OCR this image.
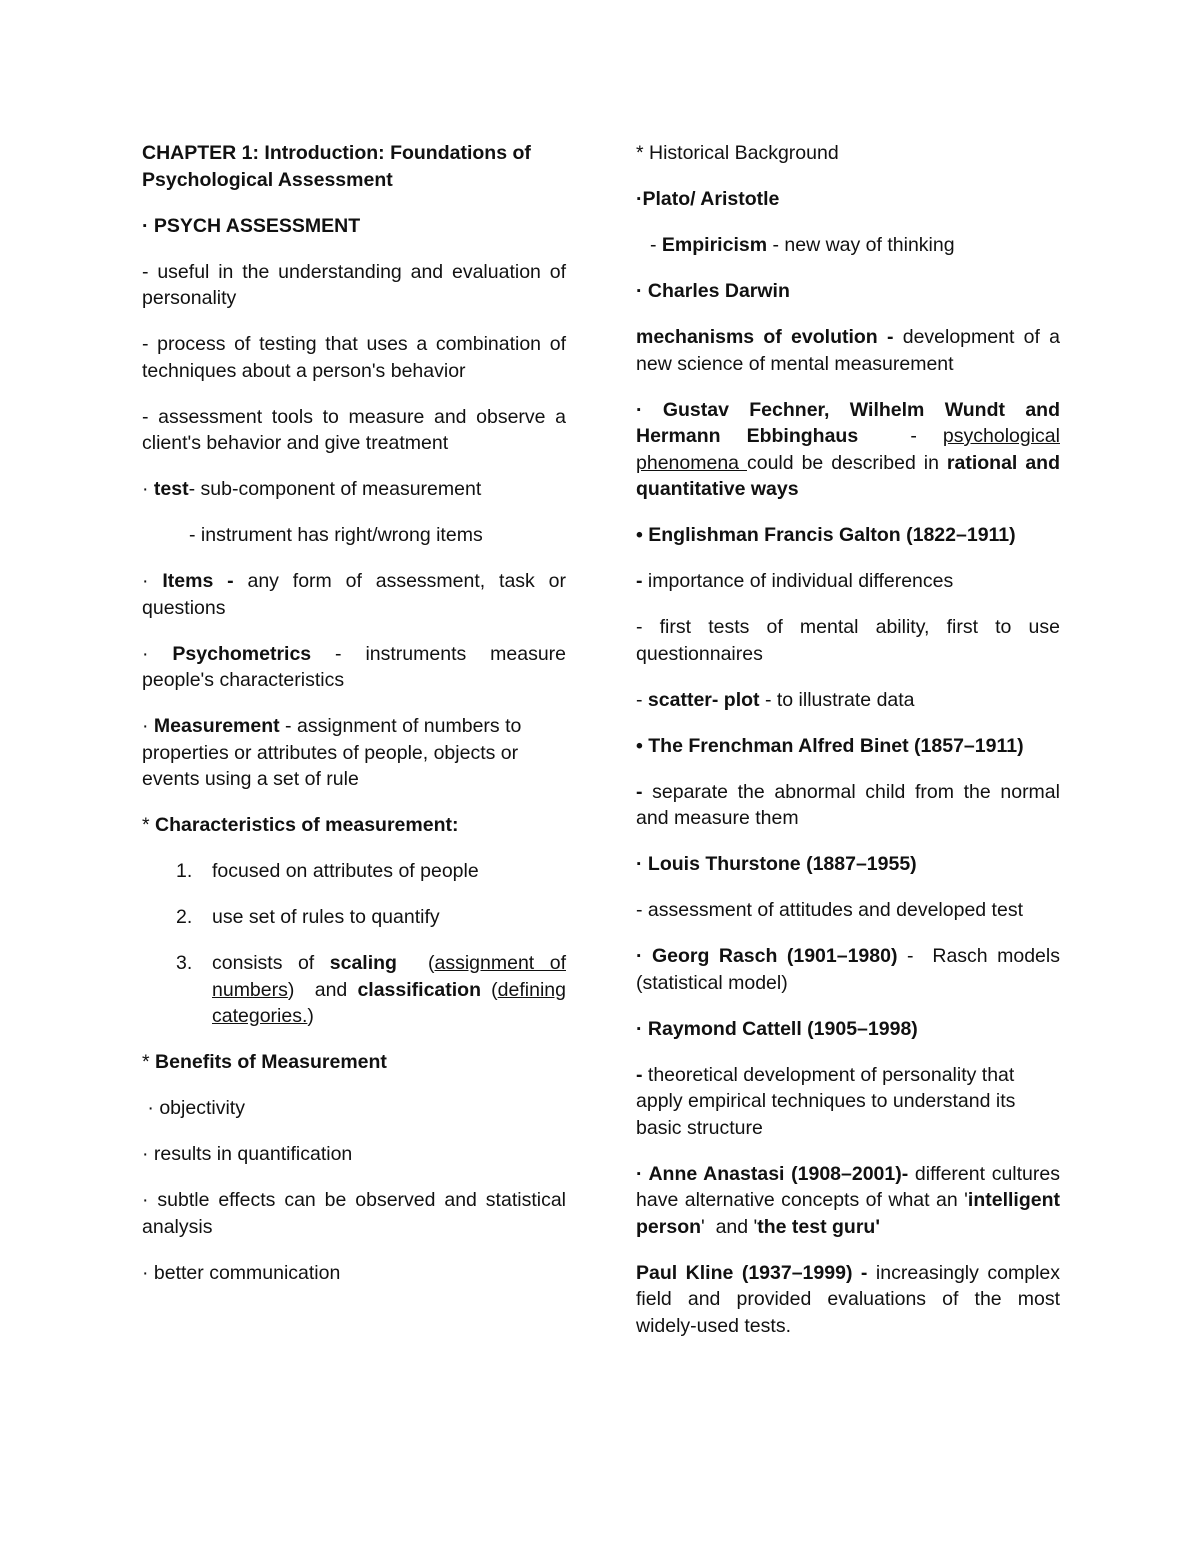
CHAPTER 1: Introduction: Foundations of Psychological Assessment

· PSYCH ASSESSMENT

- useful in the understanding and evaluation of personality

- process of testing that uses a combination of techniques about a person's behavior

- assessment tools to measure and observe a client's behavior and give treatment

· test- sub-component of measurement

- instrument has right/wrong items

· Items - any form of assessment, task or questions

· Psychometrics - instruments measure people's characteristics

· Measurement - assignment of numbers to properties or attributes of people, objects or events using a set of rule

* Characteristics of measurement:

1. focused on attributes of people
2. use set of rules to quantify
3. consists of scaling  (assignment of numbers)  and classification (defining categories.)

* Benefits of Measurement

· objectivity

· results in quantification

· subtle effects can be observed and statistical analysis

· better communication

* Historical Background

·Plato/ Aristotle

- Empiricism - new way of thinking

· Charles Darwin

mechanisms of evolution - development of a new science of mental measurement

· Gustav Fechner, Wilhelm Wundt and Hermann Ebbinghaus  - psychological phenomena could be described in rational and quantitative ways

• Englishman Francis Galton (1822–1911)

- importance of individual differences

- first tests of mental ability, first to use questionnaires

- scatter- plot - to illustrate data

• The Frenchman Alfred Binet (1857–1911)

- separate the abnormal child from the normal and measure them

· Louis Thurstone (1887–1955)

- assessment of attitudes and developed test

· Georg Rasch (1901–1980) -  Rasch models (statistical model)

· Raymond Cattell (1905–1998)

- theoretical development of personality that apply empirical techniques to understand its basic structure

· Anne Anastasi (1908–2001)- different cultures have alternative concepts of what an 'intelligent person'  and 'the test guru'

Paul Kline (1937–1999) - increasingly complex field and provided evaluations of the most widely-used tests.
